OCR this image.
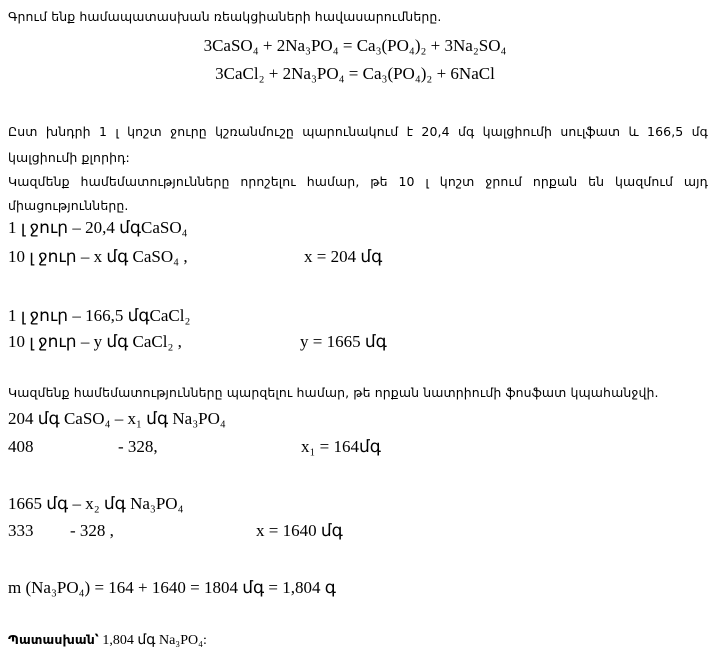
Գրում ենք համապատասխան ռեակցիաների հավասարումները.
3CaSO₄ + 2Na₃PO₄ = Ca₃(PO₄)₂ + 3Na₂SO₄
3CaCl₂ + 2Na₃PO₄ = Ca₃(PO₄)₂ + 6NaCl
Ըստ խնդրի 1 լ կոշտ ջուրը կշռանմուշը պարունակում է 20,4 մգ կալցիումի սուլֆատ և 166,5 մգ
կալցիումի քլորիդ:
Կազմենք համեմատությունները որոշելու համար, թե 10 լ կոշտ ջրում որքան են կազմում այդ
միացությունները.
1 լ ջուր – 20,4 մգCaSO₄
10 լ ջուր – x մգ CaSO₄ ,	x = 204 մգ
1 լ ջուր – 166,5 մգCaCl₂
10 լ ջուր – y մգ CaCl₂ ,	y = 1665 մգ
Կազմենք համեմատությունները պարզելու համար, թե որքան նատրիումի ֆոսֆատ կպահանջվի.
204 մգ CaSO₄ – x₁ մգ Na₃PO₄
408	- 328,	x₁ = 164մգ
1665 մգ – x₂ մգ Na₃PO₄
333 - 328 ,	x = 1640 մգ
m (Na₃PO₄) = 164 + 1640 = 1804 մգ = 1,804 գ
Պատասխան՝ 1,804 մգ Na₃PO₄:
